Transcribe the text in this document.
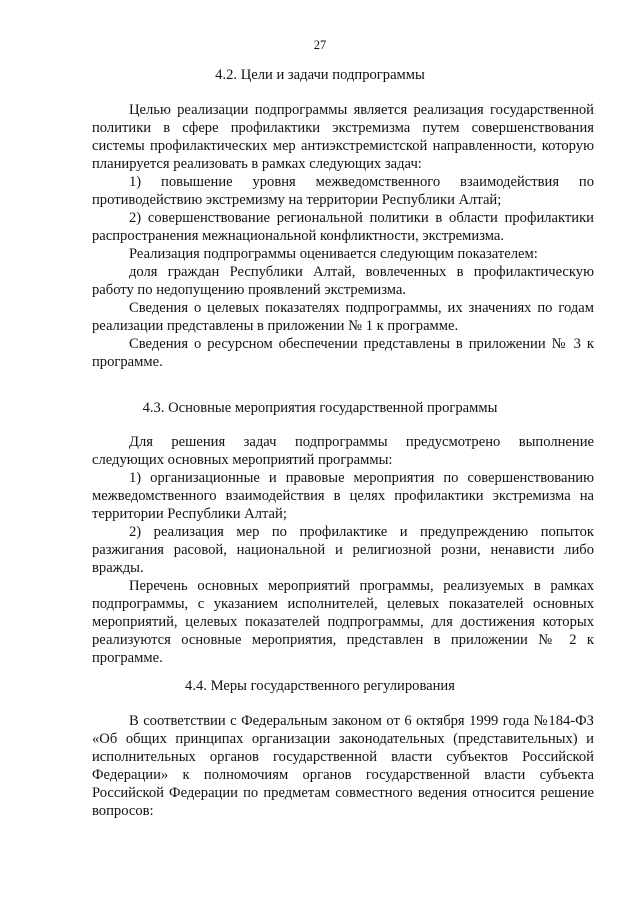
27
4.2. Цели и задачи подпрограммы

Целью реализации подпрограммы является реализация государственной политики в сфере профилактики экстремизма путем совершенствования системы профилактических мер антиэкстремистской направленности, которую планируется реализовать в рамках следующих задач:

1) повышение уровня межведомственного взаимодействия по противодействию экстремизму на территории Республики Алтай;

2) совершенствование региональной политики в области профилактики распространения межнациональной конфликтности, экстремизма.

Реализация подпрограммы оценивается следующим показателем:

доля граждан Республики Алтай, вовлеченных в профилактическую работу по недопущению проявлений экстремизма.

Сведения о целевых показателях подпрограммы, их значениях по годам реализации представлены в приложении № 1 к программе.

Сведения о ресурсном обеспечении представлены в приложении № 3 к программе.

4.3. Основные мероприятия государственной программы

Для решения задач подпрограммы предусмотрено выполнение следующих основных мероприятий программы:

1) организационные и правовые мероприятия по совершенствованию межведомственного взаимодействия в целях профилактики экстремизма на территории Республики Алтай;

2) реализация мер по профилактике и предупреждению попыток разжигания расовой, национальной и религиозной розни, ненависти либо вражды.

Перечень основных мероприятий программы, реализуемых в рамках подпрограммы, с указанием исполнителей, целевых показателей основных мероприятий, целевых показателей подпрограммы, для достижения которых реализуются основные мероприятия, представлен в приложении № 2 к программе.

4.4. Меры государственного регулирования

В соответствии с Федеральным законом от 6 октября 1999 года №184-ФЗ «Об общих принципах организации законодательных (представительных) и исполнительных органов государственной власти субъектов Российской Федерации» к полномочиям органов государственной власти субъекта Российской Федерации по предметам совместного ведения относится решение вопросов:
